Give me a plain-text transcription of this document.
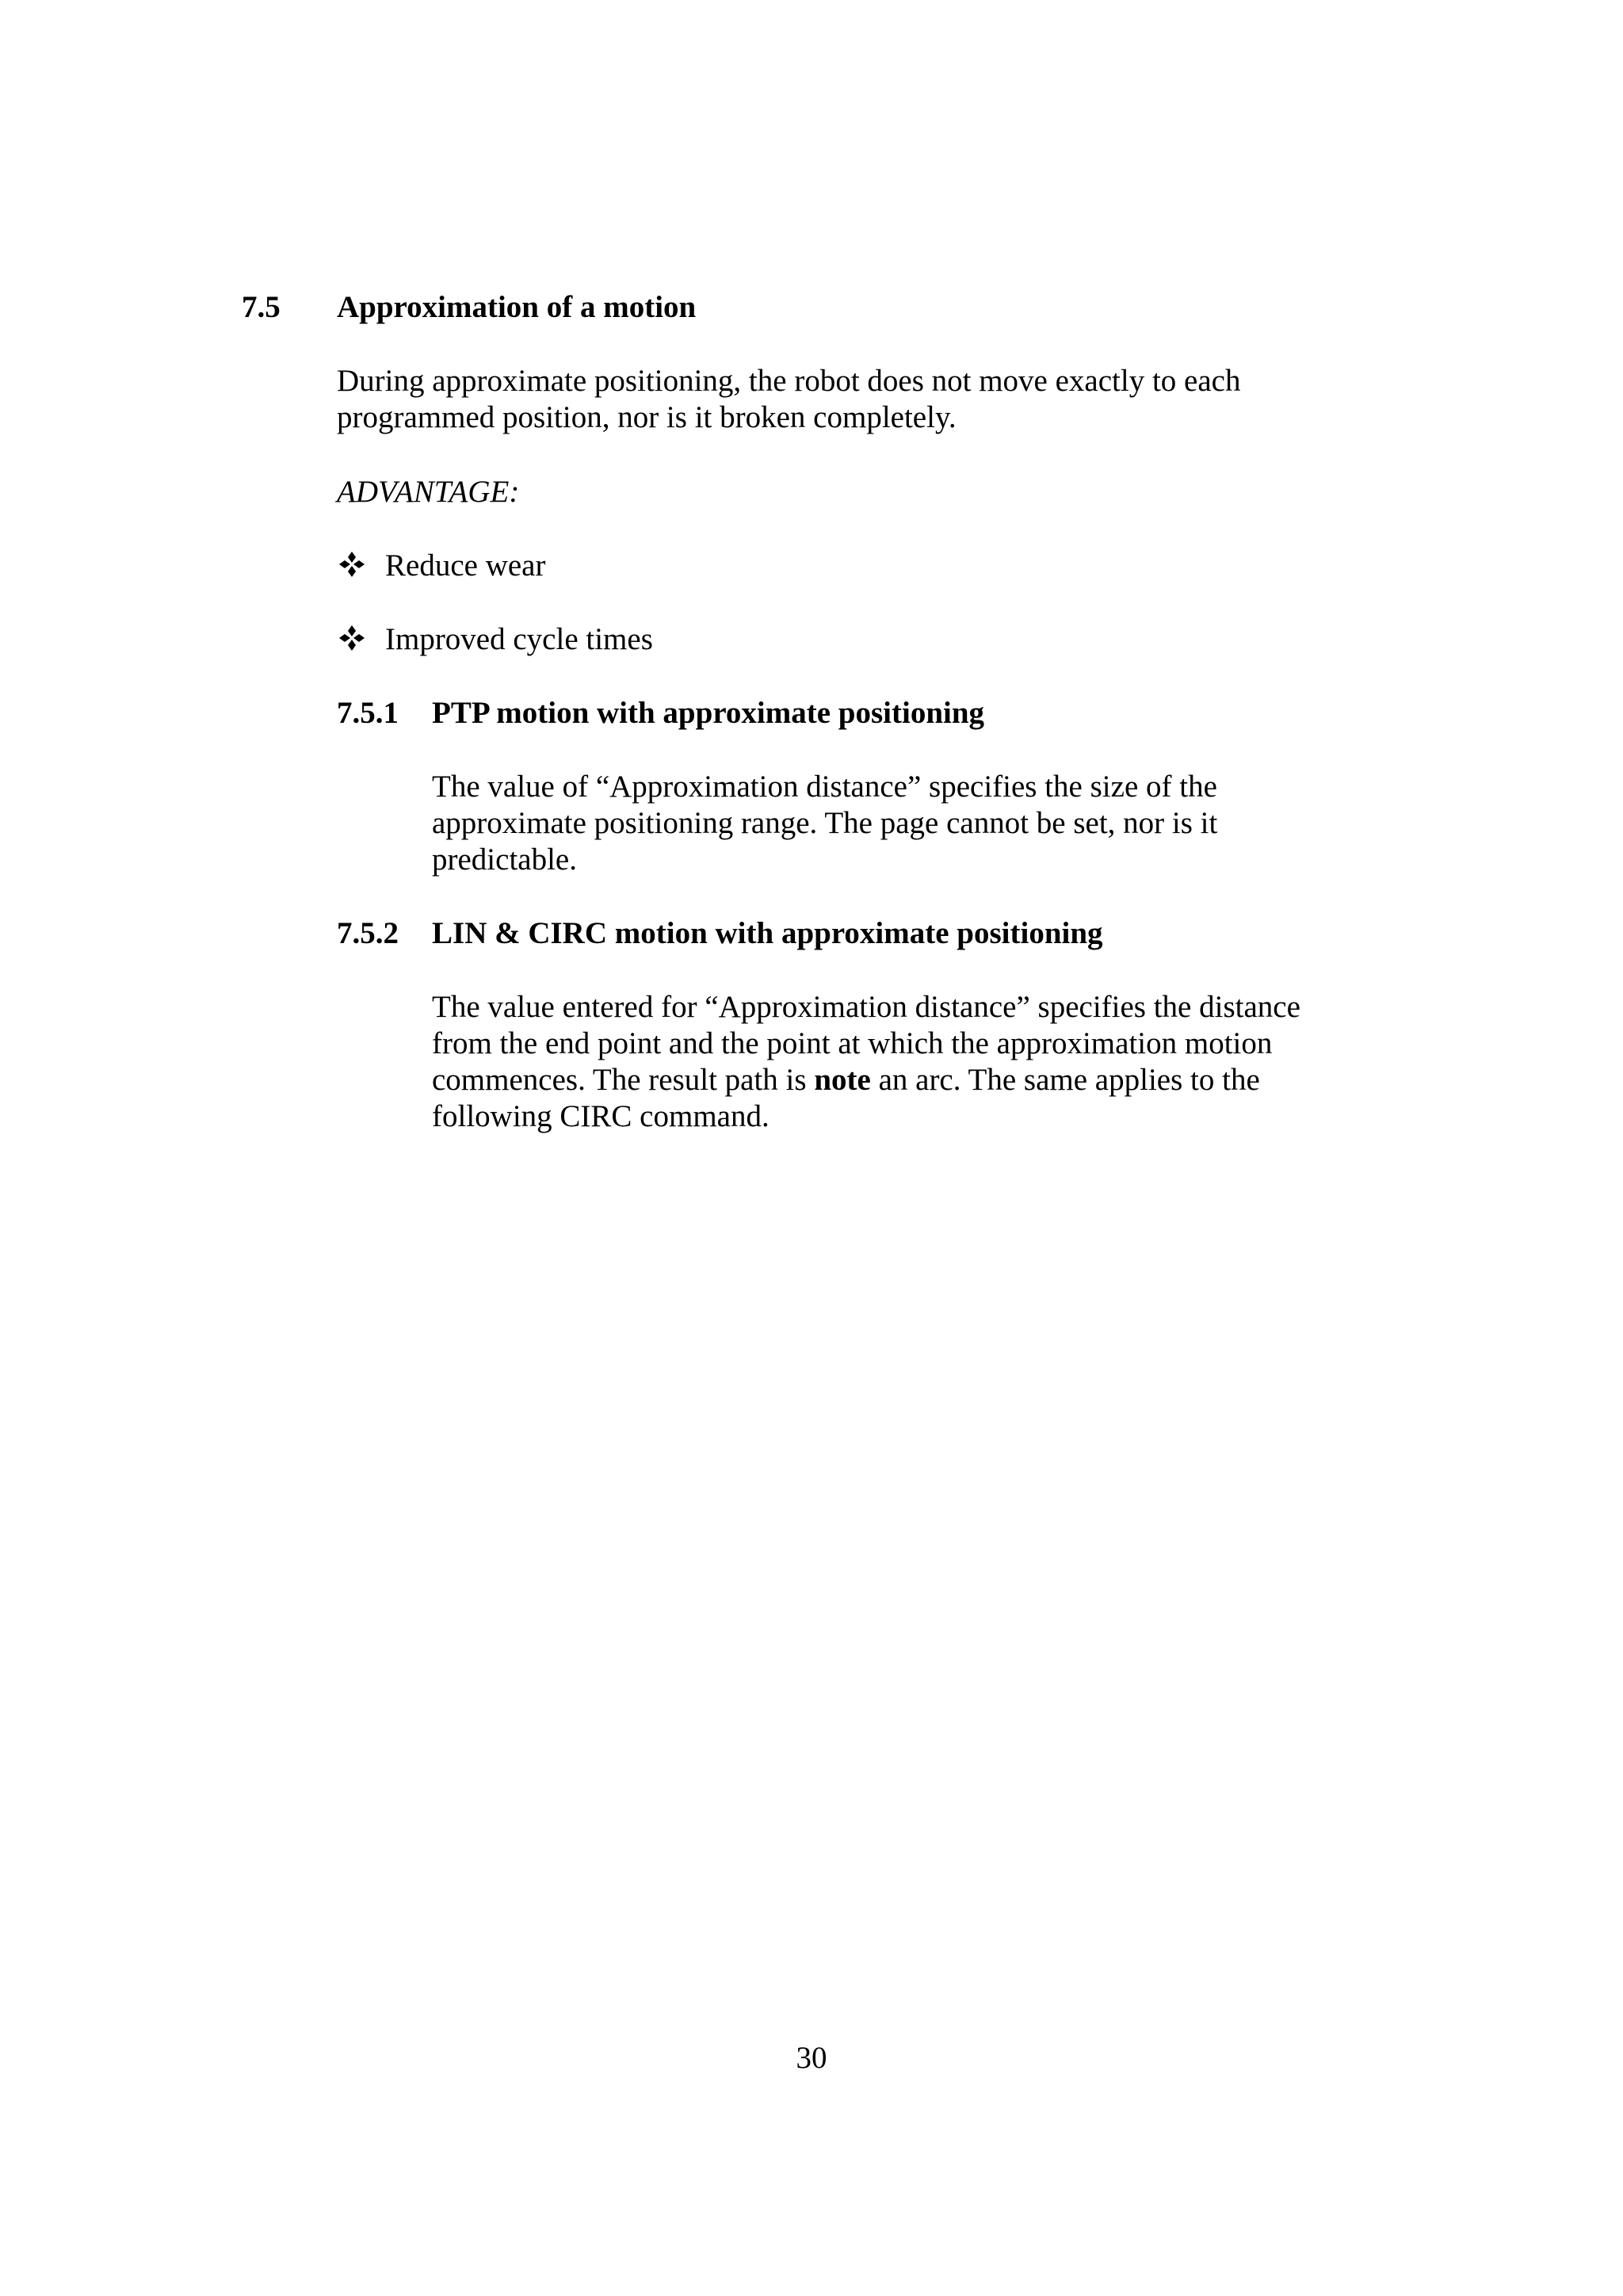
7.5 Approximation of a motion

During approximate positioning, the robot does not move exactly to each
programmed position, nor is it broken completely.

ADVANTAGE:

Reduce wear
Improved cycle times
7.5.1 PTP motion with approximate positioning

The value of “Approximation distance” specifies the size of the
approximate positioning range. The page cannot be set, nor is it
predictable.

7.5.2 LIN & CIRC motion with approximate positioning

The value entered for “Approximation distance” specifies the distance
from the end point and the point at which the approximation motion
commences. The result path is note an arc. The same applies to the
following CIRC command.

30
